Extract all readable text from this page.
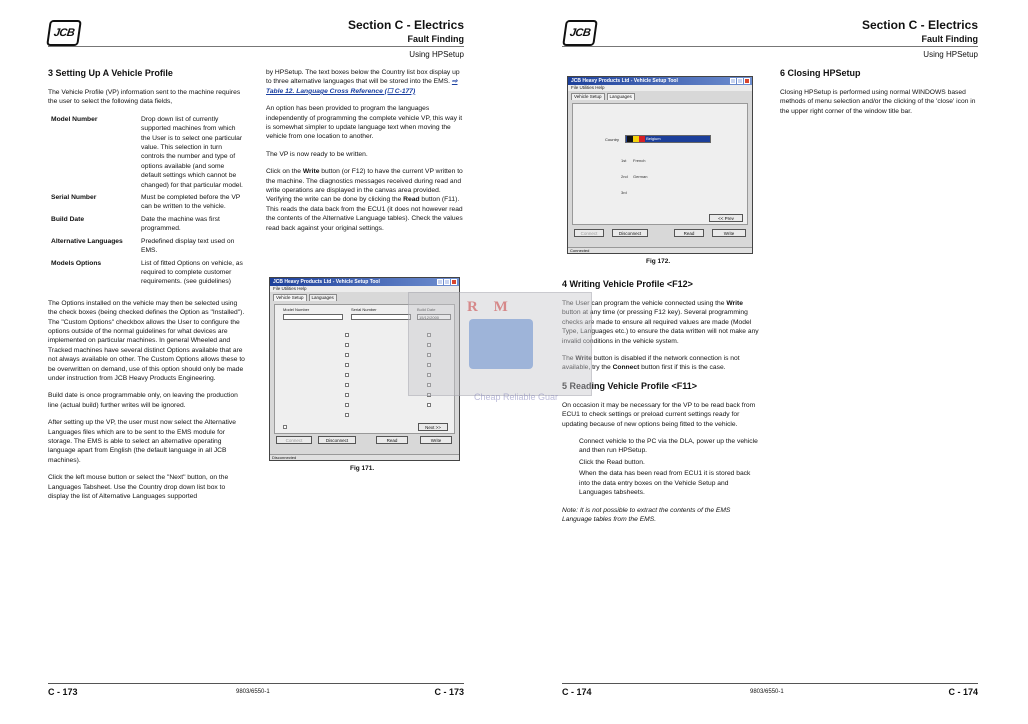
JCB
Section C - Electrics
Fault Finding
Using HPSetup
3 Setting Up A Vehicle Profile

The Vehicle Profile (VP) information sent to the machine requires the user to select the following data fields,

Model Number	Drop down list of currently supported machines from which the User is to select one particular value. This selection in turn controls the number and type of options available (and some default settings which cannot be changed) for that particular model.
Serial Number	Must be completed before the VP can be written to the vehicle.
Build Date	Date the machine was first programmed.
Alternative Languages	Predefined display text used on EMS.
Models Options	List of fitted Options on vehicle, as required to complete customer requirements. (see guidelines)

The Options installed on the vehicle may then be selected using the check boxes (being checked defines the Option as "Installed"). The "Custom Options" checkbox allows the User to configure the options outside of the normal guidelines for what devices are implemented on particular machines. In general Wheeled and Tracked machines have several distinct Options available that are not always available on other. The Custom Options allows these to be overwritten on demand, use of this option should only be made under instruction from JCB Heavy Products Engineering.

Build date is once programmable only, on leaving the production line (actual build) further writes will be ignored.

After setting up the VP, the user must now select the Alternative Languages files which are to be sent to the EMS module for storage. The EMS is able to select an alternative operating language apart from English (the default language in all JCB machines).

Click the left mouse button or select the "Next" button, on the Languages Tabsheet. Use the Country drop down list box to display the list of Alternative Languages supported

by HPSetup. The text boxes below the Country list box display up to three alternative languages that will be stored into the EMS. ⇨ Table 12. Language Cross Reference (☐ C-177)

An option has been provided to program the languages independently of programming the complete vehicle VP, this way it is somewhat simpler to update language text when moving the vehicle from one location to another.

The VP is now ready to be written.

Click on the Write button (or F12) to have the current VP written to the machine. The diagnostics messages received during read and write operations are displayed in the canvas area provided. Verifying the write can be done by clicking the Read button (F11). This reads the data back from the ECU1 (it does not however read the contents of the Alternative Language tables). Check the values read back against your original settings.

JCB Heavy Products Ltd - Vehicle Setup Tool
File Utilities Help
Vehicle Setup	Languages
Model Number	Serial Number	Build Date
15/12/2000
Next >>
Connect	Disconnect	Read	Write
Disconnected
Fig 171.
C - 173	9803/6550-1	C - 173
JCB
Section C - Electrics
Fault Finding
Using HPSetup
JCB Heavy Products Ltd - Vehicle Setup Tool
File Utilities Help
Vehicle Setup	Languages
Country	Belgium
1st French
2nd German
3rd
<< Prev
Connect	Disconnect	Read	Write
Connected
Fig 172.
4 Writing Vehicle Profile <F12>

The User can program the vehicle connected using the Write button at any time (or pressing F12 key). Several programming checks are made to ensure all required values are made (Model Type, Languages etc.) to ensure the data written will not make any invalid conditions in the vehicle system.

The Write button is disabled if the network connection is not available, try the Connect button first if this is the case.

5 Reading Vehicle Profile <F11>

On occasion it may be necessary for the VP to be read back from ECU1 to check settings or preload current settings ready for updating because of new options being fitted to the vehicle.

Connect vehicle to the PC via the DLA, power up the vehicle and then run HPSetup.

Click the Read button.

When the data has been read from ECU1 it is stored back into the data entry boxes on the Vehicle Setup and Languages tabsheets.

Note: It is not possible to extract the contents of the EMS Language tables from the EMS.

6 Closing HPSetup

Closing HPSetup is performed using normal WINDOWS based methods of menu selection and/or the clicking of the 'close' icon in the upper right corner of the window title bar.

C - 174	9803/6550-1	C - 174
R M
Cheap Reliable Guar
